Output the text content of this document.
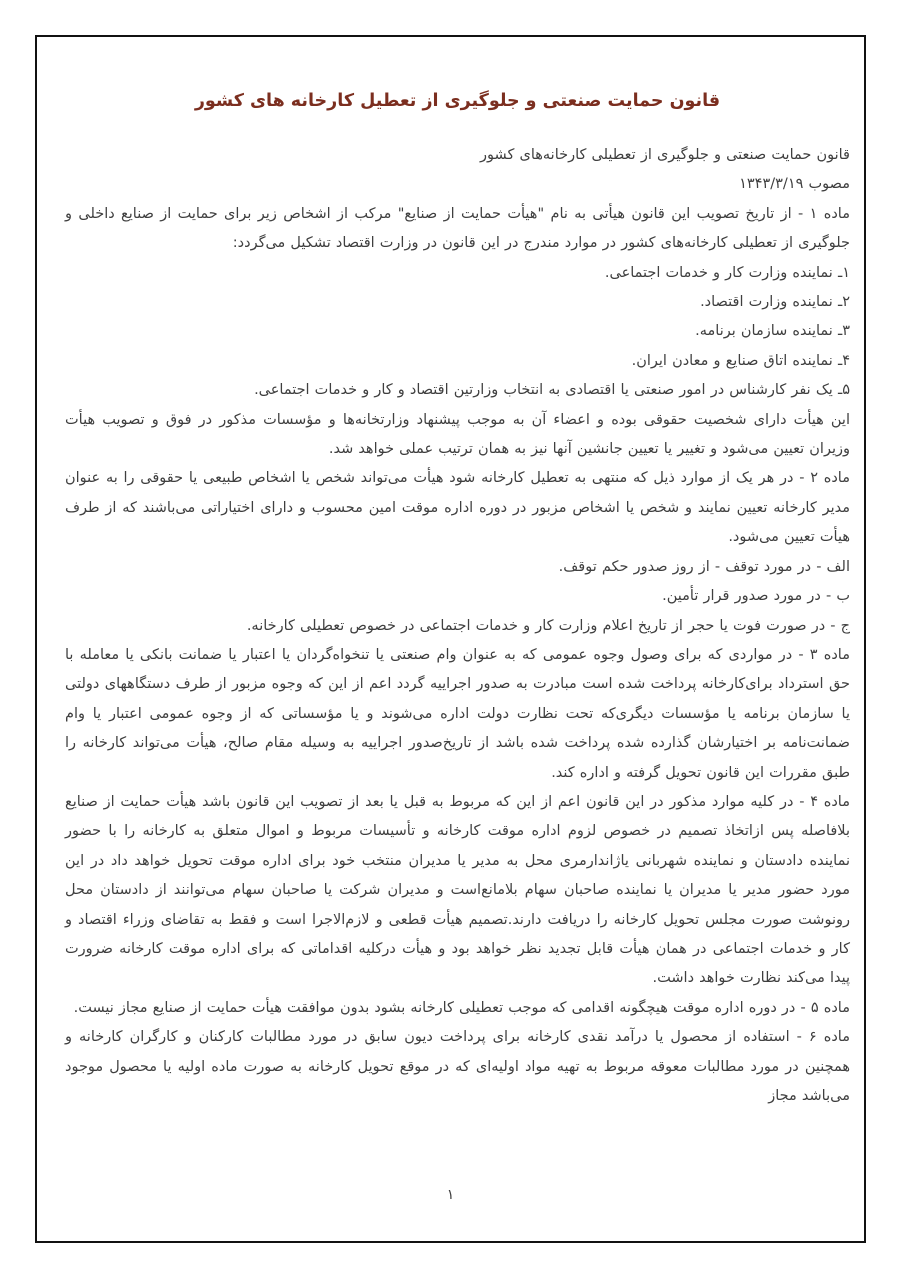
قانون حمایت صنعتی و جلوگیری از تعطیل کارخانه های کشور

قانون حمایت صنعتی و جلوگیری از تعطیلی کارخانه‌های کشور

مصوب ۱۳۴۳/۳/۱۹

ماده ۱ - از تاریخ تصویب این قانون هیأتی به نام "هیأت حمایت از صنایع" مرکب از اشخاص زیر برای حمایت از صنایع داخلی و جلوگیری از تعطیلی کارخانه‌های کشور در موارد مندرج در این قانون در وزارت اقتصاد تشکیل می‌گردد:

۱ـ نماینده وزارت کار و خدمات اجتماعی.

۲ـ نماینده وزارت اقتصاد.

۳ـ نماینده سازمان برنامه.

۴ـ نماینده اتاق صنایع و معادن ایران.

۵ـ یک نفر کارشناس در امور صنعتی یا اقتصادی به انتخاب وزارتین اقتصاد و کار و خدمات اجتماعی.

این هیأت دارای شخصیت حقوقی بوده و اعضاء آن به موجب پیشنهاد وزارتخانه‌ها و مؤسسات مذکور در فوق و تصویب هیأت وزیران تعیین می‌شود و تغییر یا تعیین جانشین آنها نیز به همان ترتیب عملی خواهد شد.

ماده ۲ - در هر یک از موارد ذیل که منتهی به تعطیل کارخانه شود هیأت می‌تواند شخص یا اشخاص طبیعی یا حقوقی را به عنوان مدیر کارخانه تعیین نمایند و شخص یا اشخاص مزبور در دوره اداره موقت امین محسوب و دارای اختیاراتی می‌باشند که از طرف هیأت تعیین می‌شود.

الف - در مورد توقف - از روز صدور حکم توقف.

ب - در مورد صدور قرار تأمین.

ج - در صورت فوت یا حجر از تاریخ اعلام وزارت کار و خدمات اجتماعی در خصوص تعطیلی کارخانه.

ماده ۳ - در مواردی که برای وصول وجوه عمومی که به عنوان وام صنعتی یا تنخواه‌گردان یا اعتبار یا ضمانت بانکی یا معامله با حق استرداد برای‌کارخانه پرداخت شده است مبادرت به صدور اجراییه گردد اعم از این که وجوه مزبور از طرف دستگاههای دولتی یا سازمان برنامه یا مؤسسات دیگری‌که تحت نظارت دولت اداره می‌شوند و یا مؤسساتی که از وجوه عمومی اعتبار یا وام ضمانت‌نامه بر اختیارشان گذارده شده پرداخت شده باشد از تاریخ‌صدور اجراییه به وسیله مقام صالح، هیأت می‌تواند کارخانه را طبق مقررات این قانون تحویل گرفته و اداره کند.

ماده ۴ - در کلیه موارد مذکور در این قانون اعم از این که مربوط به قبل یا بعد از تصویب این قانون باشد هیأت حمایت از صنایع بلافاصله پس ازاتخاذ تصمیم در خصوص لزوم اداره موقت کارخانه و تأسیسات مربوط و اموال متعلق به کارخانه را با حضور نماینده دادستان و نماینده شهربانی یاژاندارمری محل به مدیر یا مدیران منتخب خود برای اداره موقت تحویل خواهد داد در این مورد حضور مدیر یا مدیران یا نماینده صاحبان سهام بلامانع‌است و مدیران شرکت یا صاحبان سهام می‌توانند از دادستان محل رونوشت صورت مجلس تحویل کارخانه را دریافت دارند.تصمیم هیأت قطعی و لازم‌الاجرا است و فقط به تقاضای وزراء اقتصاد و کار و خدمات اجتماعی در همان هیأت قابل تجدید نظر خواهد بود و هیأت درکلیه اقداماتی که برای اداره موقت کارخانه ضرورت پیدا می‌کند نظارت خواهد داشت.

ماده ۵ - در دوره اداره موقت هیچگونه اقدامی که موجب تعطیلی کارخانه بشود بدون موافقت هیأت حمایت از صنایع مجاز نیست.

ماده ۶ - استفاده از محصول یا درآمد نقدی کارخانه برای پرداخت دیون سابق در مورد مطالبات کارکنان و کارگران کارخانه و همچنین در مورد مطالبات معوقه مربوط به تهیه مواد اولیه‌ای که در موقع تحویل کارخانه به صورت ماده اولیه یا محصول موجود می‌باشد مجاز

۱
